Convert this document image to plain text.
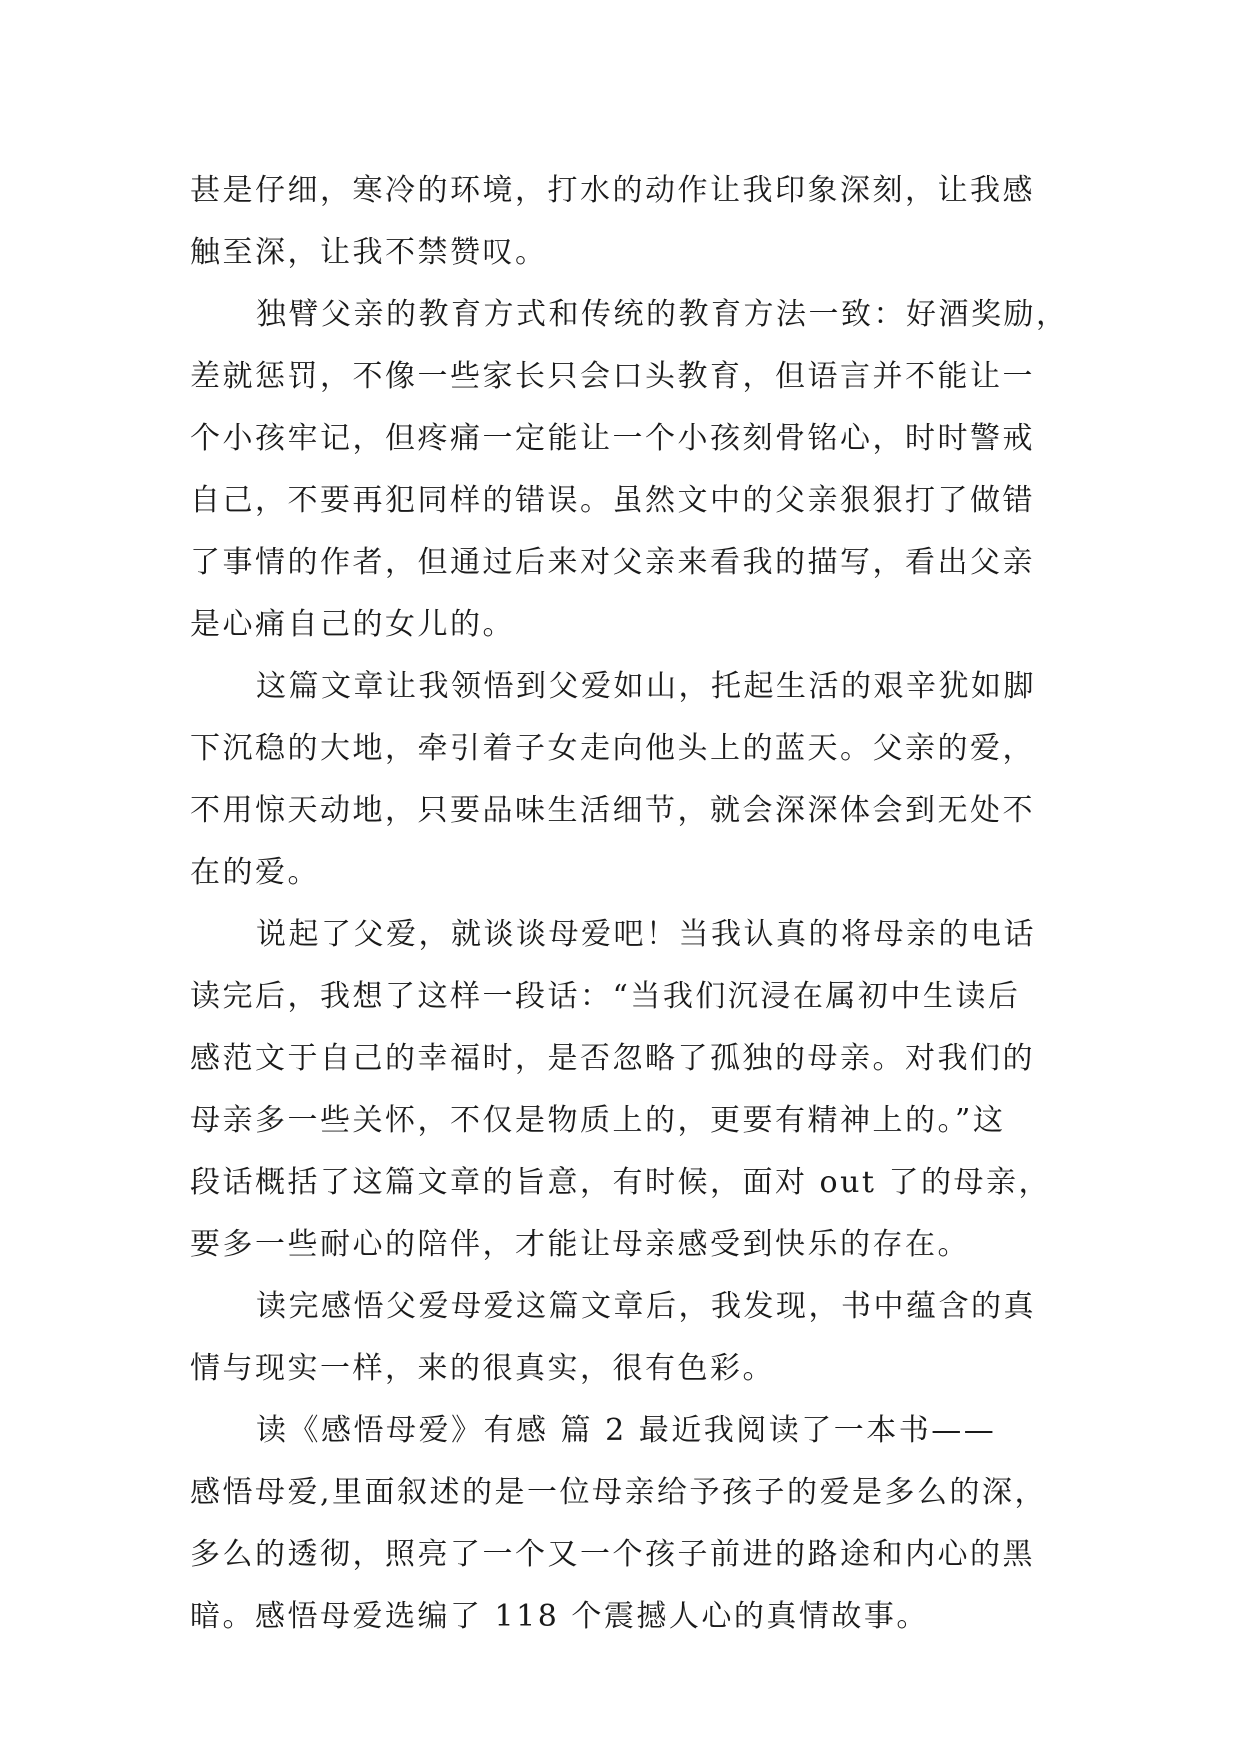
甚是仔细，寒冷的环境，打水的动作让我印象深刻，让我感
触至深，让我不禁赞叹。
独臂父亲的教育方式和传统的教育方法一致：好酒奖励，
差就惩罚，不像一些家长只会口头教育，但语言并不能让一
个小孩牢记，但疼痛一定能让一个小孩刻骨铭心，时时警戒
自己，不要再犯同样的错误。虽然文中的父亲狠狠打了做错
了事情的作者，但通过后来对父亲来看我的描写，看出父亲
是心痛自己的女儿的。
这篇文章让我领悟到父爱如山，托起生活的艰辛犹如脚
下沉稳的大地，牵引着子女走向他头上的蓝天。父亲的爱，
不用惊天动地，只要品味生活细节，就会深深体会到无处不
在的爱。
说起了父爱，就谈谈母爱吧！当我认真的将母亲的电话
读完后，我想了这样一段话：“当我们沉浸在属初中生读后
感范文于自己的幸福时，是否忽略了孤独的母亲。对我们的
母亲多一些关怀，不仅是物质上的，更要有精神上的。”这
段话概括了这篇文章的旨意，有时候，面对 out 了的母亲，
要多一些耐心的陪伴，才能让母亲感受到快乐的存在。
读完感悟父爱母爱这篇文章后，我发现，书中蕴含的真
情与现实一样，来的很真实，很有色彩。
读《感悟母爱》有感 篇 2 最近我阅读了一本书——
感悟母爱,里面叙述的是一位母亲给予孩子的爱是多么的深，
多么的透彻，照亮了一个又一个孩子前进的路途和内心的黑
暗。感悟母爱选编了 118 个震撼人心的真情故事。
